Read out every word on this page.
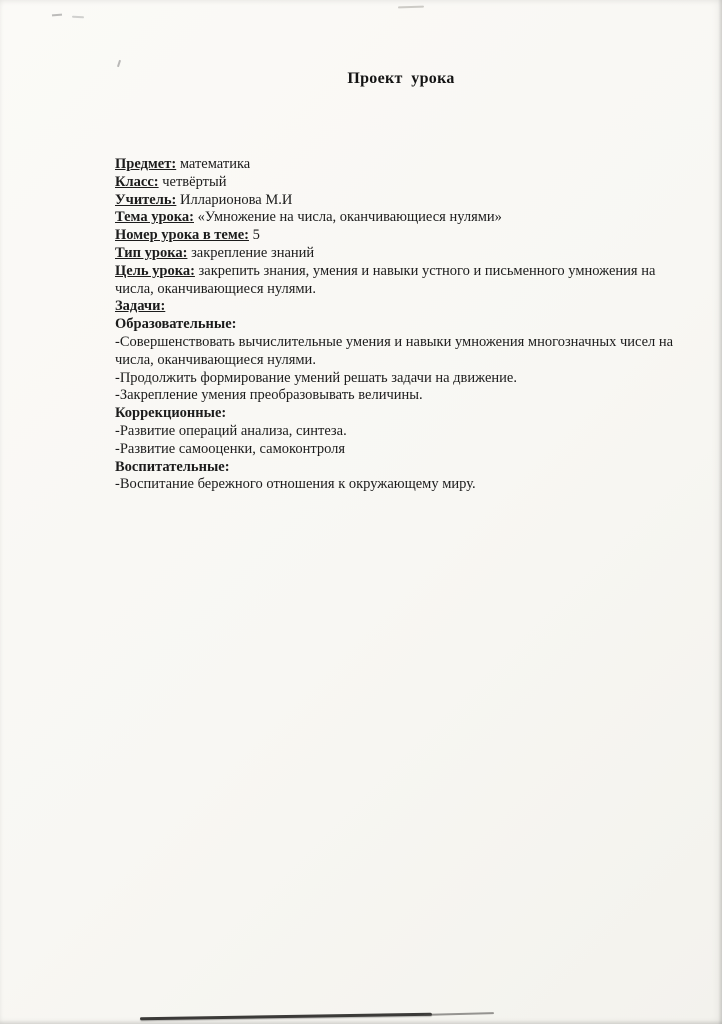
Проект  урока
Предмет: математика
Класс: четвёртый
Учитель: Илларионова М.И
Тема урока: «Умножение на числа, оканчивающиеся нулями»
Номер урока в теме: 5
Тип урока: закрепление знаний
Цель урока: закрепить знания, умения и навыки устного и письменного умножения на числа, оканчивающиеся нулями.
Задачи:
Образовательные:
-Совершенствовать вычислительные умения и навыки умножения многозначных чисел на числа, оканчивающиеся нулями.
-Продолжить формирование умений решать задачи на движение.
-Закрепление умения преобразовывать величины.
Коррекционные:
-Развитие операций анализа, синтеза.
-Развитие самооценки, самоконтроля
Воспитательные:
-Воспитание бережного отношения к окружающему миру.
